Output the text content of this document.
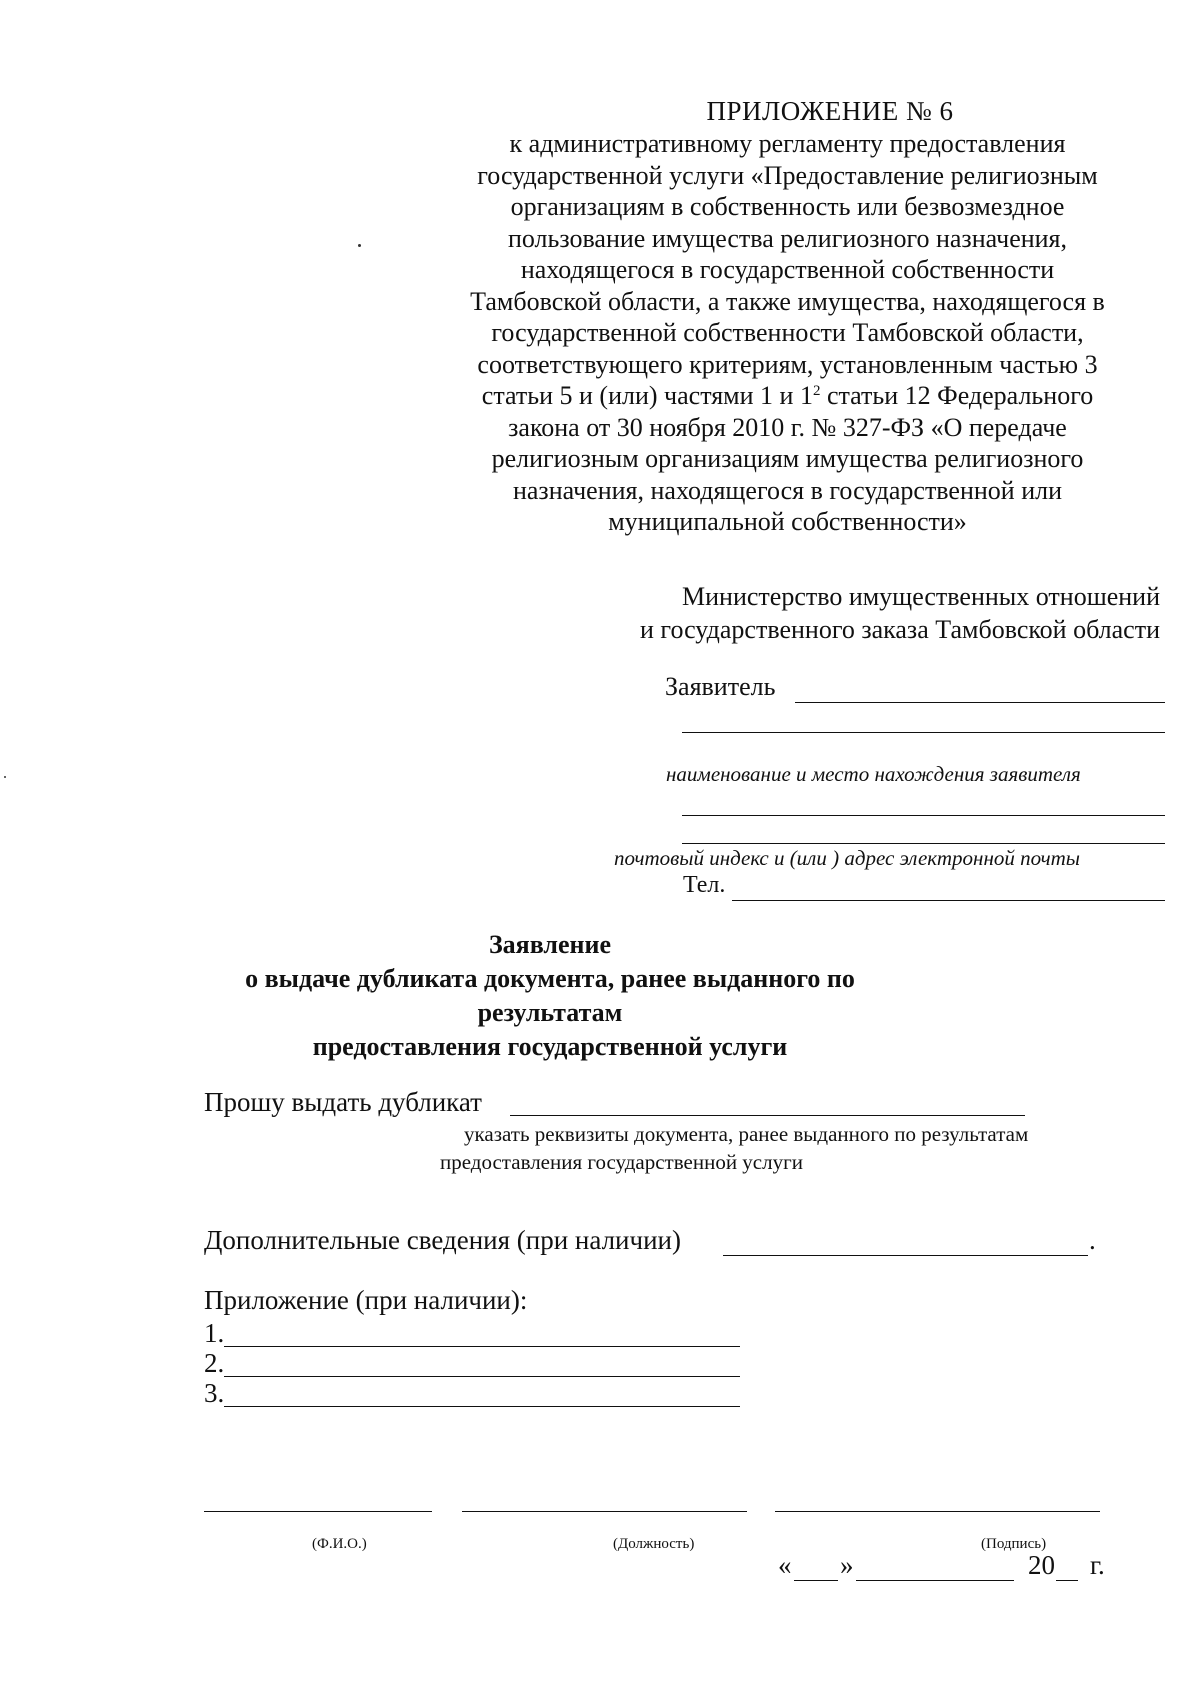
ПРИЛОЖЕНИЕ № 6
к административному регламенту предоставления
государственной услуги «Предоставление религиозным
организациям в собственность или безвозмездное
пользование имущества религиозного назначения,
находящегося в государственной собственности
Тамбовской области, а также имущества, находящегося в
государственной собственности Тамбовской области,
соответствующего критериям, установленным частью 3
статьи 5 и (или) частями 1 и $1^2$ статьи 12 Федерального
закона от 30 ноября 2010 г. № 327-ФЗ «О передаче
религиозным организациям имущества религиозного
назначения, находящегося в государственной или
муниципальной собственности»
Министерство имущественных отношений
и государственного заказа Тамбовской области
Заявитель
наименование и место нахождения заявителя
почтовый индекс и (или ) адрес электронной почты
Тел.
Заявление
о выдаче дубликата документа, ранее выданного по результатам
предоставления государственной услуги
Прошу выдать дубликат
указать реквизиты документа, ранее выданного по результатам
предоставления государственной услуги
Дополнительные сведения (при наличии)	.
Приложение (при наличии):
1.
2.
3.
(Ф.И.О.)	(Должность)	(Подпись)
« »	20 г.
